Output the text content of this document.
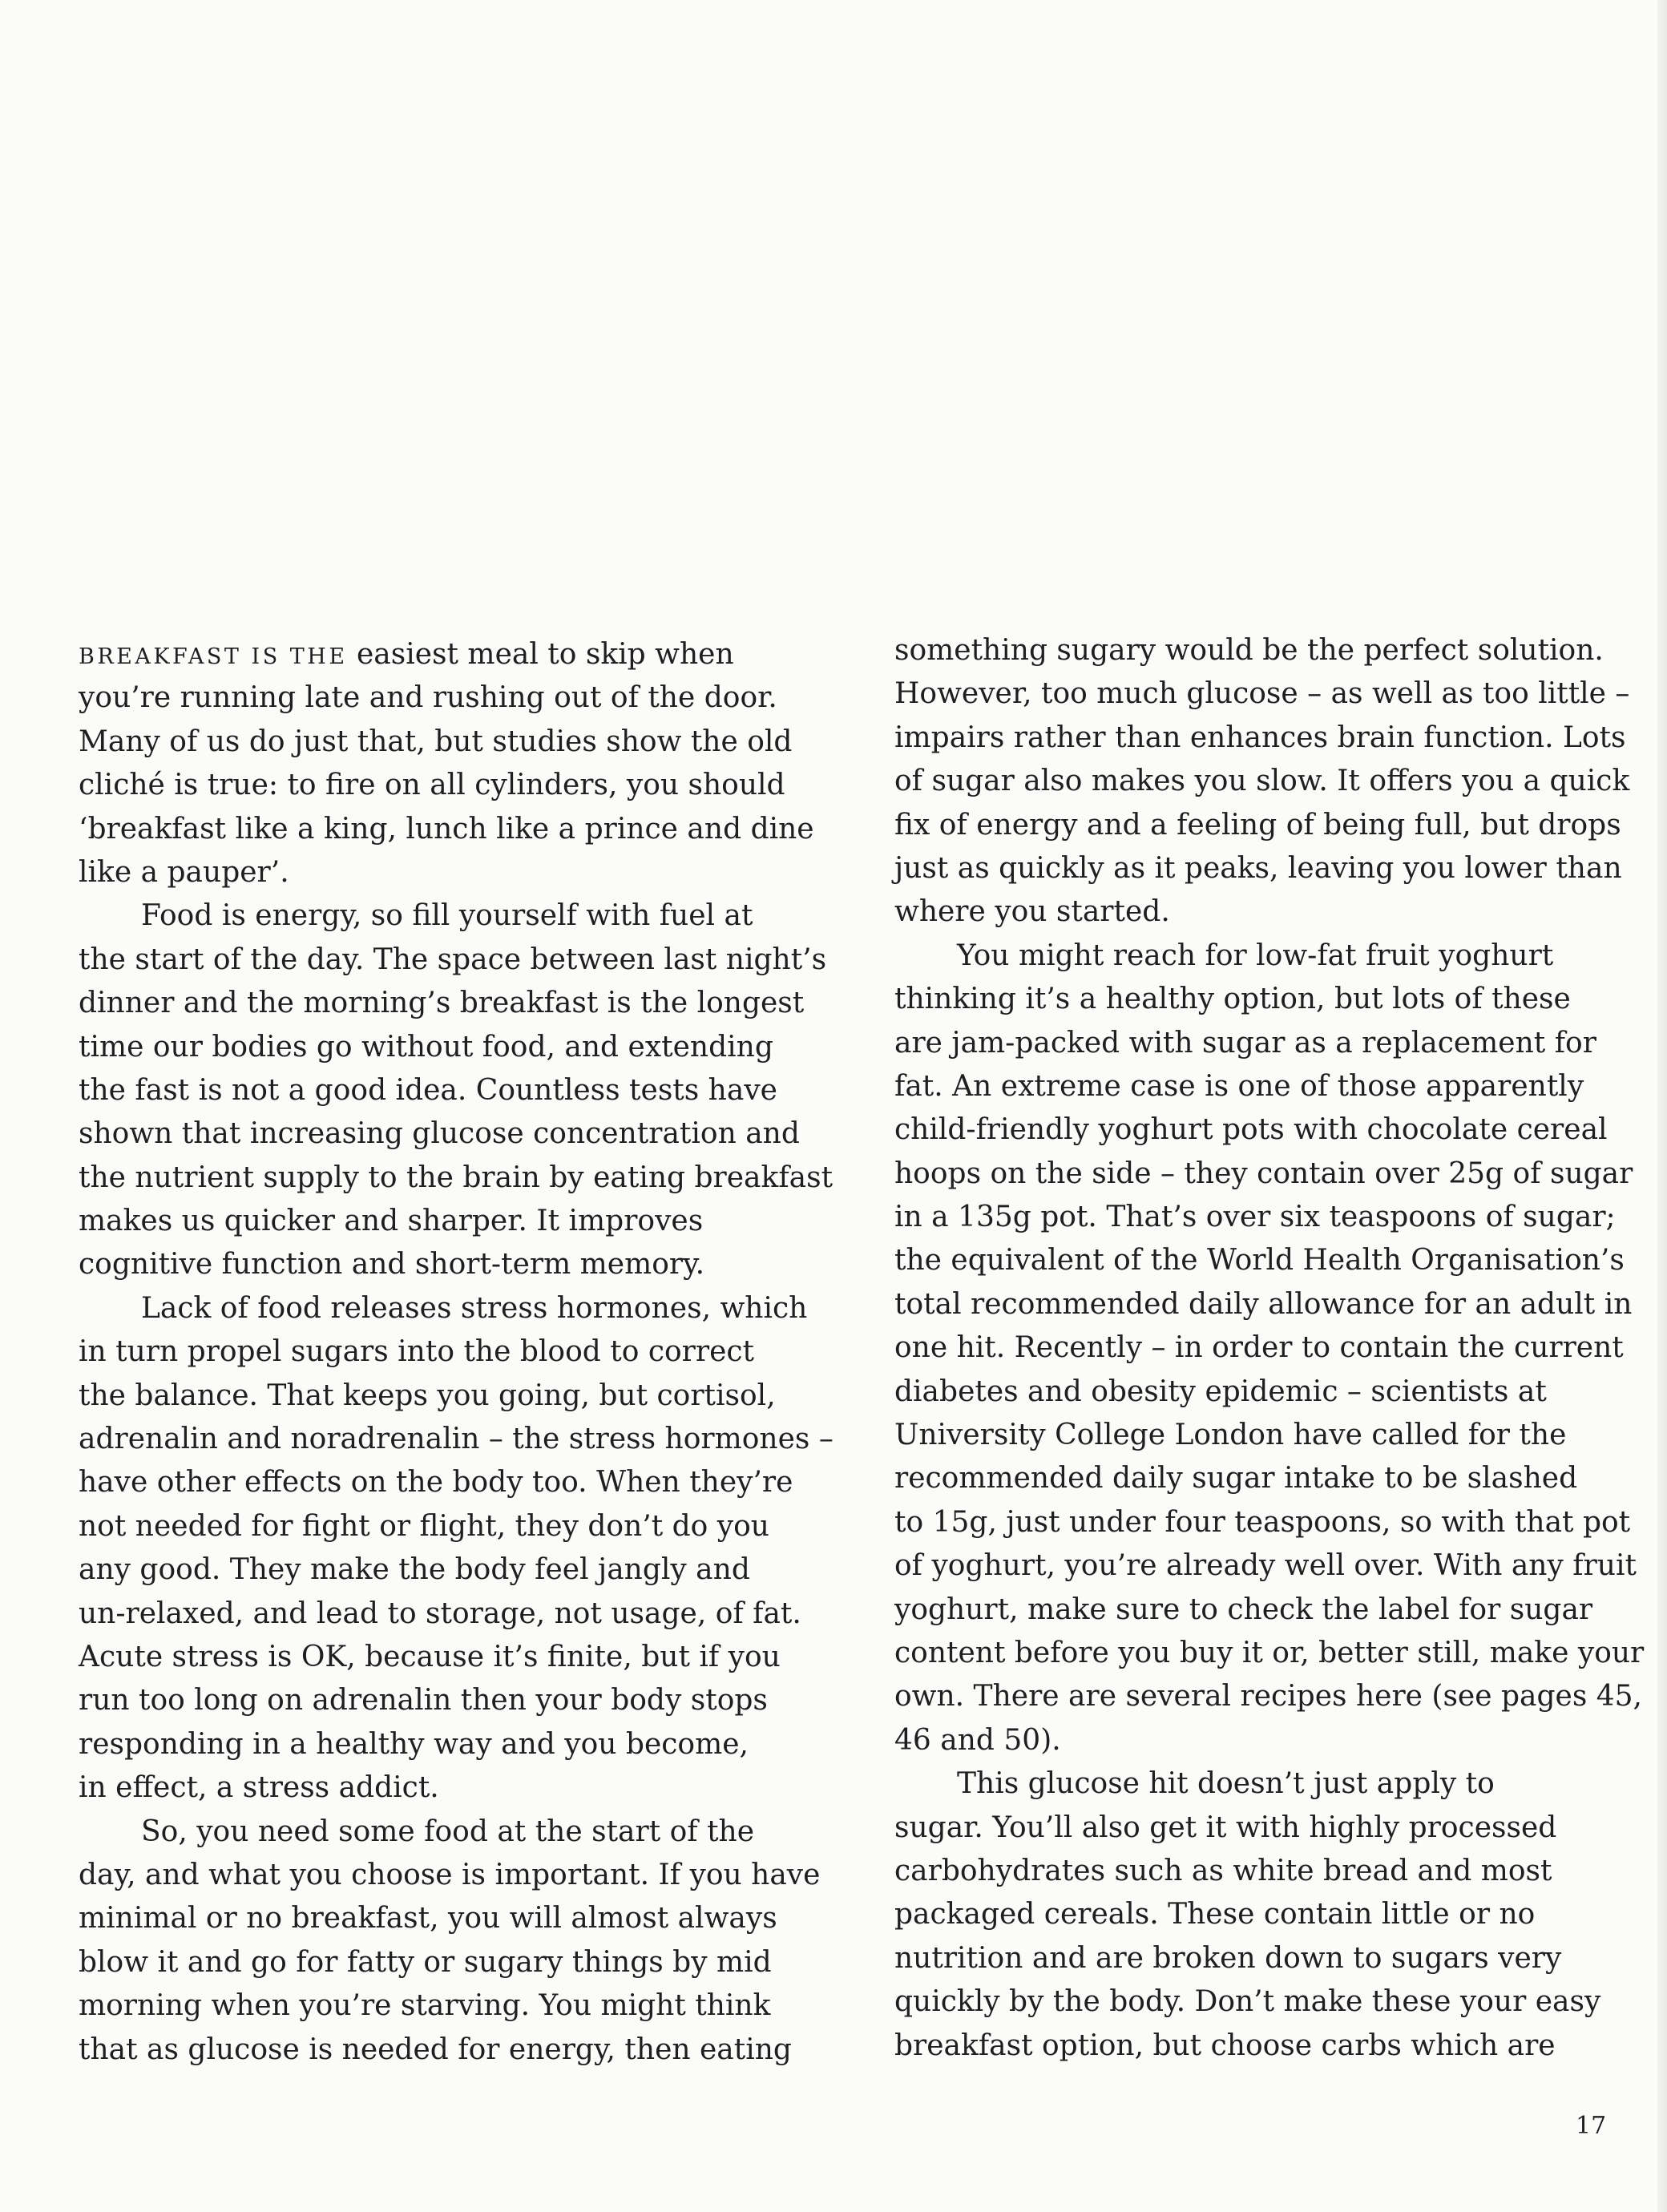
BREAKFAST IS THE easiest meal to skip when
you’re running late and rushing out of the door.
Many of us do just that, but studies show the old
cliché is true: to fire on all cylinders, you should
‘breakfast like a king, lunch like a prince and dine
like a pauper’.
Food is energy, so fill yourself with fuel at
the start of the day. The space between last night’s
dinner and the morning’s breakfast is the longest
time our bodies go without food, and extending
the fast is not a good idea. Countless tests have
shown that increasing glucose concentration and
the nutrient supply to the brain by eating breakfast
makes us quicker and sharper. It improves
cognitive function and short-term memory.
Lack of food releases stress hormones, which
in turn propel sugars into the blood to correct
the balance. That keeps you going, but cortisol,
adrenalin and noradrenalin – the stress hormones –
have other effects on the body too. When they’re
not needed for fight or flight, they don’t do you
any good. They make the body feel jangly and
un-relaxed, and lead to storage, not usage, of fat.
Acute stress is OK, because it’s finite, but if you
run too long on adrenalin then your body stops
responding in a healthy way and you become,
in effect, a stress addict.
So, you need some food at the start of the
day, and what you choose is important. If you have
minimal or no breakfast, you will almost always
blow it and go for fatty or sugary things by mid
morning when you’re starving. You might think
that as glucose is needed for energy, then eating
something sugary would be the perfect solution.
However, too much glucose – as well as too little –
impairs rather than enhances brain function. Lots
of sugar also makes you slow. It offers you a quick
fix of energy and a feeling of being full, but drops
just as quickly as it peaks, leaving you lower than
where you started.
You might reach for low-fat fruit yoghurt
thinking it’s a healthy option, but lots of these
are jam-packed with sugar as a replacement for
fat. An extreme case is one of those apparently
child-friendly yoghurt pots with chocolate cereal
hoops on the side – they contain over 25g of sugar
in a 135g pot. That’s over six teaspoons of sugar;
the equivalent of the World Health Organisation’s
total recommended daily allowance for an adult in
one hit. Recently – in order to contain the current
diabetes and obesity epidemic – scientists at
University College London have called for the
recommended daily sugar intake to be slashed
to 15g, just under four teaspoons, so with that pot
of yoghurt, you’re already well over. With any fruit
yoghurt, make sure to check the label for sugar
content before you buy it or, better still, make your
own. There are several recipes here (see pages 45,
46 and 50).
This glucose hit doesn’t just apply to
sugar. You’ll also get it with highly processed
carbohydrates such as white bread and most
packaged cereals. These contain little or no
nutrition and are broken down to sugars very
quickly by the body. Don’t make these your easy
breakfast option, but choose carbs which are
17
